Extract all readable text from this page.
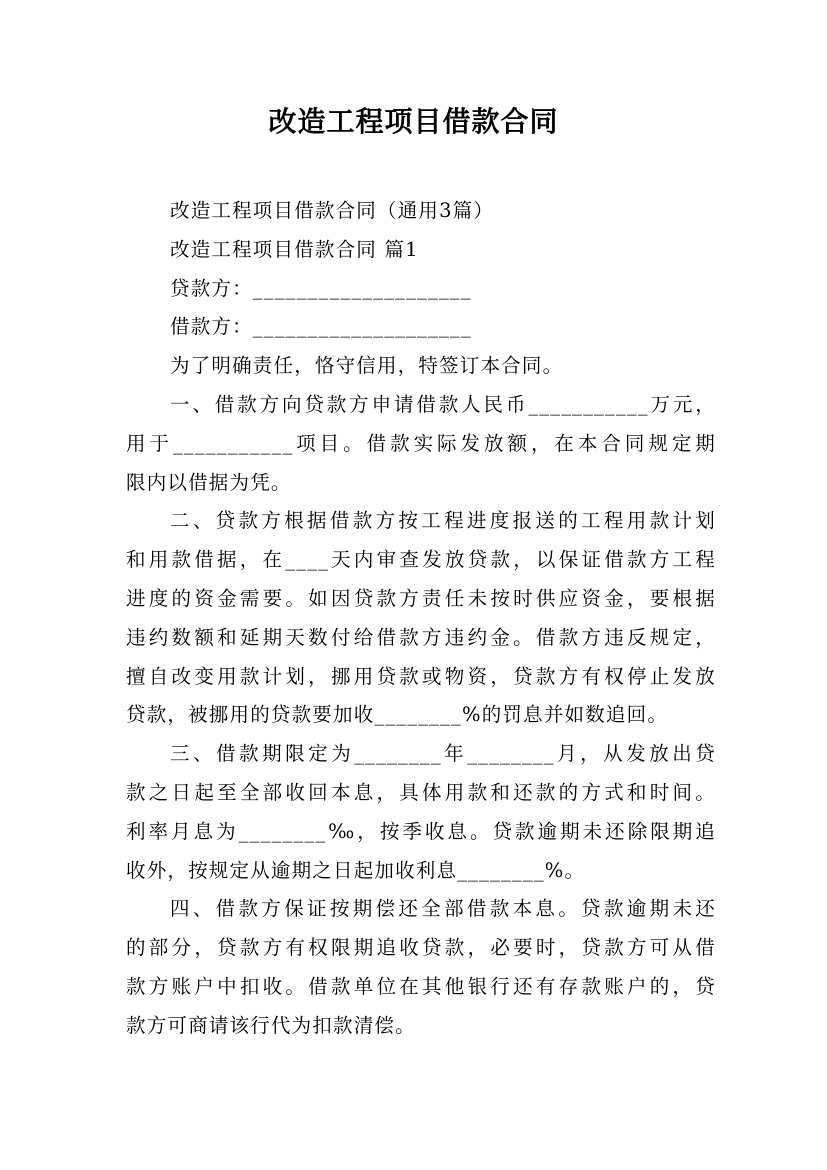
改造工程项目借款合同
改造工程项目借款合同（通用3篇）
改造工程项目借款合同 篇1
贷款方：____________________
借款方：____________________
为了明确责任，恪守信用，特签订本合同。
一、借款方向贷款方申请借款人民币___________万元，
用于___________项目。借款实际发放额，在本合同规定期
限内以借据为凭。
二、贷款方根据借款方按工程进度报送的工程用款计划
和用款借据，在____天内审查发放贷款，以保证借款方工程
进度的资金需要。如因贷款方责任未按时供应资金，要根据
违约数额和延期天数付给借款方违约金。借款方违反规定，
擅自改变用款计划，挪用贷款或物资，贷款方有权停止发放
贷款，被挪用的贷款要加收________%的罚息并如数追回。
三、借款期限定为________年________月，从发放出贷
款之日起至全部收回本息，具体用款和还款的方式和时间。
利率月息为________‰，按季收息。贷款逾期未还除限期追
收外，按规定从逾期之日起加收利息________%。
四、借款方保证按期偿还全部借款本息。贷款逾期未还
的部分，贷款方有权限期追收贷款，必要时，贷款方可从借
款方账户中扣收。借款单位在其他银行还有存款账户的，贷
款方可商请该行代为扣款清偿。
